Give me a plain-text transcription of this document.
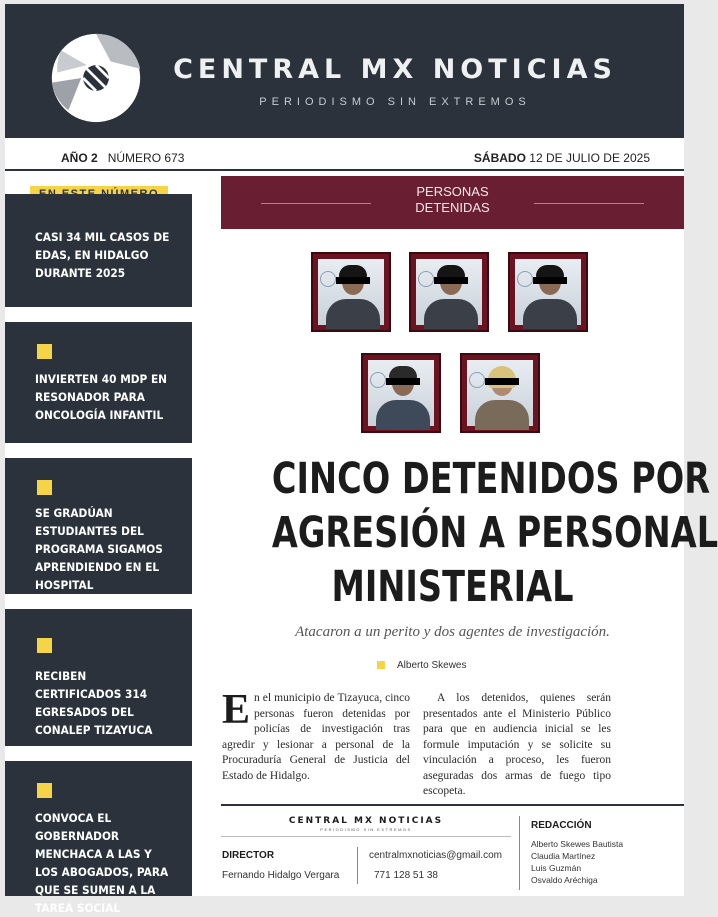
CENTRAL MX NOTICIAS
PERIODISMO SIN EXTREMOS
AÑO 2 NÚMERO 673	SÁBADO 12 DE JULIO DE 2025
CASI 34 MIL CASOS DE EDAS, EN HIDALGO DURANTE 2025
INVIERTEN 40 MDP EN RESONADOR PARA ONCOLOGÍA INFANTIL
SE GRADÚAN ESTUDIANTES DEL PROGRAMA SIGAMOS APRENDIENDO EN EL HOSPITAL
RECIBEN CERTIFICADOS 314 EGRESADOS DEL CONALEP TIZAYUCA
CONVOCA EL GOBERNADOR MENCHACA A LAS Y LOS ABOGADOS, PARA QUE SE SUMEN A LA TAREA SOCIAL
PERSONAS
DETENIDAS
CINCO DETENIDOS POR
AGRESIÓN A PERSONAL
MINISTERIAL
Atacaron a un perito y dos agentes de investigación.
Alberto Skewes
En el municipio de Tizayuca, cinco personas fueron detenidas por policías de investigación tras agredir y lesionar a personal de la Procuraduría General de Justicia del Estado de Hidalgo.

A los detenidos, quienes serán presentados ante el Ministerio Público para que en audiencia inicial se les formule imputación y se solicite su vinculación a proceso, les fueron aseguradas dos armas de fuego tipo escopeta.

CENTRAL MX NOTICIAS
PERIODISMO SIN EXTREMOS
DIRECTOR
Fernando Hidalgo Vergara
centralmxnoticias@gmail.com
771 128 51 38
REDACCIÓN
Alberto Skewes Bautista
Claudia Martínez
Luis Guzmán
Osvaldo Aréchiga
